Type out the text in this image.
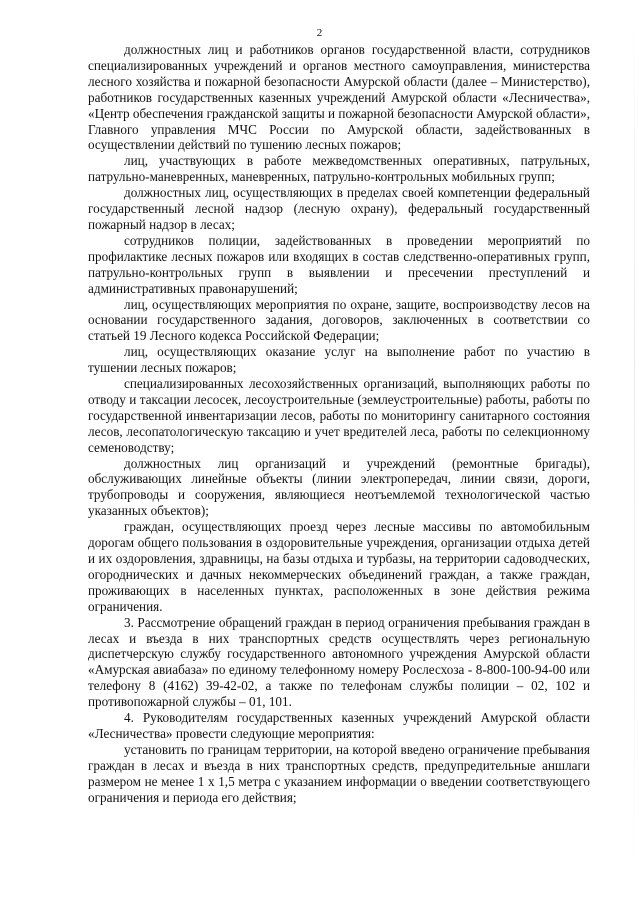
2

должностных лиц и работников органов государственной власти, сотрудников специализированных учреждений и органов местного самоуправления, министерства лесного хозяйства и пожарной безопасности Амурской области (далее – Министерство), работников государственных казенных учреждений Амурской области «Лесничества», «Центр обеспечения гражданской защиты и пожарной безопасности Амурской области», Главного управления МЧС России по Амурской области, задействованных в осуществлении действий по тушению лесных пожаров;

лиц, участвующих в работе межведомственных оперативных, патрульных, патрульно-маневренных, маневренных, патрульно-контрольных мобильных групп;

должностных лиц, осуществляющих в пределах своей компетенции федеральный государственный лесной надзор (лесную охрану), федеральный государственный пожарный надзор в лесах;

сотрудников полиции, задействованных в проведении мероприятий по профилактике лесных пожаров или входящих в состав следственно-оперативных групп, патрульно-контрольных групп в выявлении и пресечении преступлений и административных правонарушений;

лиц, осуществляющих мероприятия по охране, защите, воспроизводству лесов на основании государственного задания, договоров, заключенных в соответствии со статьей 19 Лесного кодекса Российской Федерации;

лиц, осуществляющих оказание услуг на выполнение работ по участию в тушении лесных пожаров;

специализированных лесохозяйственных организаций, выполняющих работы по отводу и таксации лесосек, лесоустроительные (землеустроительные) работы, работы по государственной инвентаризации лесов, работы по мониторингу санитарного состояния лесов, лесопатологическую таксацию и учет вредителей леса, работы по селекционному семеноводству;

должностных лиц организаций и учреждений (ремонтные бригады), обслуживающих линейные объекты (линии электропередач, линии связи, дороги, трубопроводы и сооружения, являющиеся неотъемлемой технологической частью указанных объектов);

граждан, осуществляющих проезд через лесные массивы по автомобильным дорогам общего пользования в оздоровительные учреждения, организации отдыха детей и их оздоровления, здравницы, на базы отдыха и турбазы, на территории садоводческих, огороднических и дачных некоммерческих объединений граждан, а также граждан, проживающих в населенных пунктах, расположенных в зоне действия режима ограничения.

3. Рассмотрение обращений граждан в период ограничения пребывания граждан в лесах и въезда в них транспортных средств осуществлять через региональную диспетчерскую службу государственного автономного учреждения Амурской области «Амурская авиабаза» по единому телефонному номеру Рослесхоза - 8-800-100-94-00 или телефону 8 (4162) 39-42-02, а также по телефонам службы полиции – 02, 102 и противопожарной службы – 01, 101.

4. Руководителям государственных казенных учреждений Амурской области «Лесничества» провести следующие мероприятия:

установить по границам территории, на которой введено ограничение пребывания граждан в лесах и въезда в них транспортных средств, предупредительные аншлаги размером не менее 1 х 1,5 метра с указанием информации о введении соответствующего ограничения и периода его действия;
